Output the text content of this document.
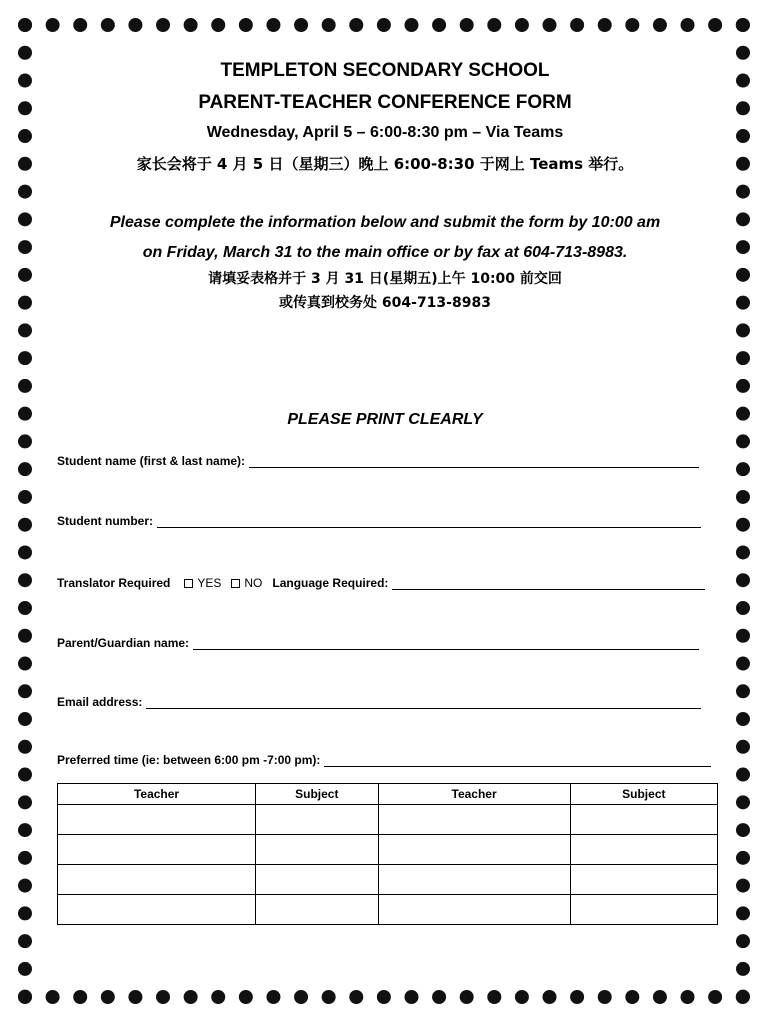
TEMPLETON SECONDARY SCHOOL
PARENT-TEACHER CONFERENCE FORM
Wednesday, April 5 – 6:00-8:30 pm – Via Teams
家长会将于 4 月 5 日（星期三）晚上 6:00-8:30 于网上 Teams 举行。
Please complete the information below and submit the form by 10:00 am
on Friday, March 31 to the main office or by fax at 604-713-8983.
请填妥表格并于 3 月 31 日(星期五)上午 10:00 前交回
或传真到校务处 604-713-8983
PLEASE PRINT CLEARLY
Student name (first & last name):
Student number:
Translator Required	YES NO Language Required:
Parent/Guardian name:
Email address:
Preferred time (ie: between 6:00 pm -7:00 pm):
Teacher	Subject	Teacher	Subject
